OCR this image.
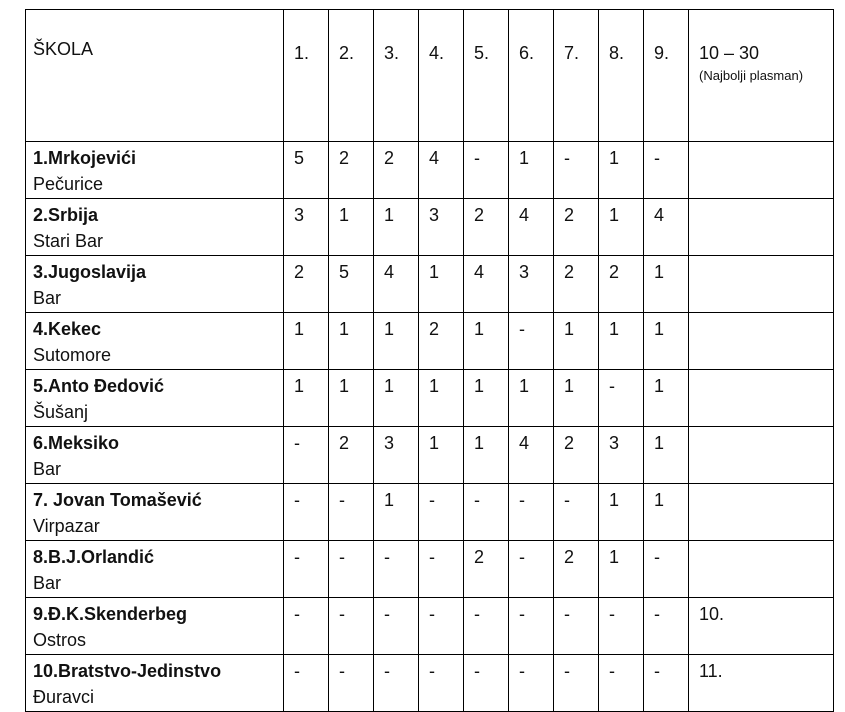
ŠKOLA	1.	2.	3.	4.	5.	6.	7.	8.	9.	10 – 30
(Najbolji plasman)

1.Mrkojevići
Pečurice	5	2	2	4	-	1	-	1	-	

2.Srbija
Stari Bar	3	1	1	3	2	4	2	1	4	

3.Jugoslavija
Bar	2	5	4	1	4	3	2	2	1	

4.Kekec
Sutomore	1	1	1	2	1	-	1	1	1	

5.Anto Đedović
Šušanj	1	1	1	1	1	1	1	-	1	

6.Meksiko
Bar	-	2	3	1	1	4	2	3	1	

7. Jovan Tomašević
Virpazar	-	-	1	-	-	-	-	1	1	

8.B.J.Orlandić
Bar	-	-	-	-	2	-	2	1	-	

9.Đ.K.Skenderbeg
Ostros	-	-	-	-	-	-	-	-	-	10.

10.Bratstvo-Jedinstvo
Đuravci	-	-	-	-	-	-	-	-	-	11.
